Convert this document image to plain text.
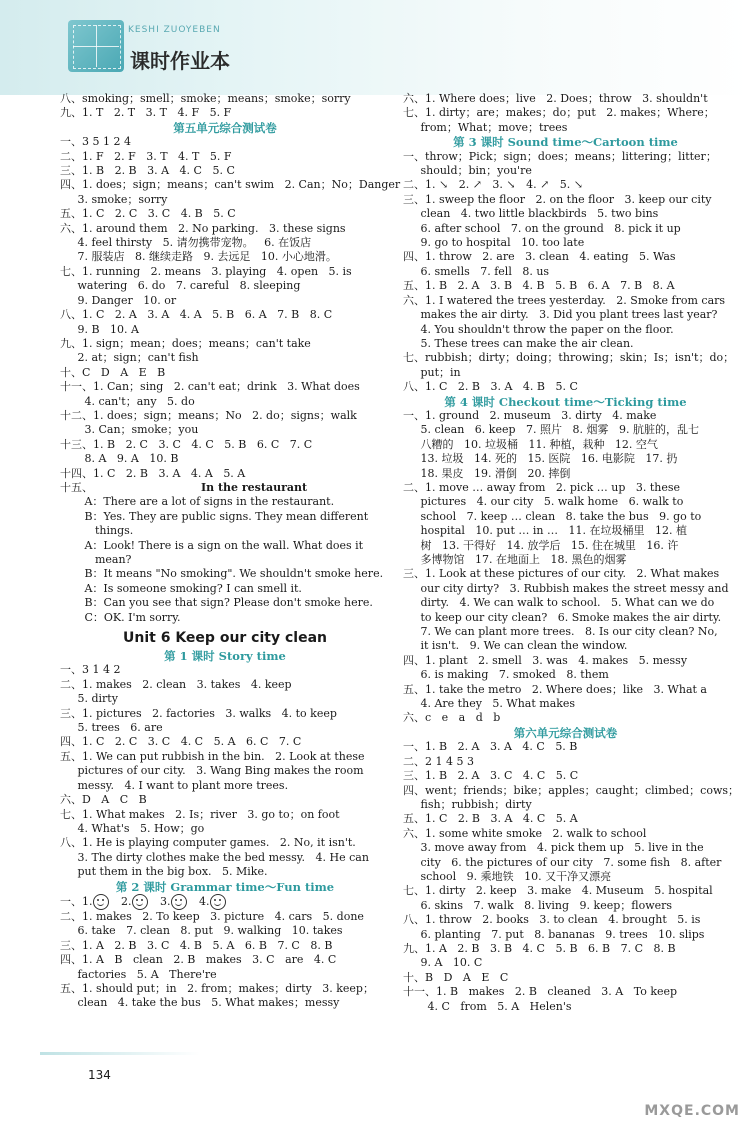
KESHI ZUOYEBEN
课时作业本
八、smoking；smell；smoke；means；smoke；sorry
九、1. T   2. T   3. T   4. F   5. F
第五单元综合测试卷
一、3 5 1 2 4
二、1. F   2. F   3. T   4. T   5. F
三、1. B   2. B   3. A   4. C   5. C
四、1. does；sign；means；can't swim   2. Can；No；Danger
3. smoke；sorry
五、1. C   2. C   3. C   4. B   5. C
六、1. around them   2. No parking.   3. these signs
4. feel thirsty   5. 请勿携带宠物。   6. 在饭店
7. 服装店   8. 继续走路   9. 去远足   10. 小心地滑。
七、1. running   2. means   3. playing   4. open   5. is
watering   6. do   7. careful   8. sleeping
9. Danger   10. or
八、1. C   2. A   3. A   4. A   5. B   6. A   7. B   8. C
9. B   10. A
九、1. sign；mean；does；means；can't take
2. at；sign；can't fish
十、C   D   A   E   B
十一、1. Can；sing   2. can't eat；drink   3. What does
4. can't；any   5. do
十二、1. does；sign；means；No   2. do；signs；walk
3. Can；smoke；you
十三、1. B   2. C   3. C   4. C   5. B   6. C   7. C
8. A   9. A   10. B
十四、1. C   2. B   3. A   4. A   5. A
十五、	In the restaurant
A：There are a lot of signs in the restaurant.
B：Yes. They are public signs. They mean different
things.
A：Look! There is a sign on the wall. What does it
mean?
B：It means "No smoking". We shouldn't smoke here.
A：Is someone smoking? I can smell it.
B：Can you see that sign? Please don't smoke here.
C：OK. I'm sorry.
Unit 6 Keep our city clean
第 1 课时 Story time
一、3 1 4 2
二、1. makes   2. clean   3. takes   4. keep
5. dirty
三、1. pictures   2. factories   3. walks   4. to keep
5. trees   6. are
四、1. C   2. C   3. C   4. C   5. A   6. C   7. C
五、1. We can put rubbish in the bin.   2. Look at these
pictures of our city.   3. Wang Bing makes the room
messy.   4. I want to plant more trees.
六、D   A   C   B
七、1. What makes   2. Is；river   3. go to；on foot
4. What's   5. How；go
八、1. He is playing computer games.   2. No, it isn't.
3. The dirty clothes make the bed messy.   4. He can
put them in the big box.   5. Mike.
第 2 课时 Grammar time～Fun time
一、1.	2.	3.	4.
二、1. makes   2. To keep   3. picture   4. cars   5. done
6. take   7. clean   8. put   9. walking   10. takes
三、1. A   2. B   3. C   4. B   5. A   6. B   7. C   8. B
四、1. A   B   clean   2. B   makes   3. C   are   4. C
factories   5. A   There're
五、1. should put；in   2. from；makes；dirty   3. keep；
clean   4. take the bus   5. What makes；messy
六、1. Where does；live   2. Does；throw   3. shouldn't
七、1. dirty；are；makes；do；put   2. makes；Where；
from；What；move；trees
第 3 课时 Sound time～Cartoon time
一、throw；Pick；sign；does；means；littering；litter；
should；bin；you're
二、1. ↘   2. ↗   3. ↘   4. ↗   5. ↘
三、1. sweep the floor   2. on the floor   3. keep our city
clean   4. two little blackbirds   5. two bins
6. after school   7. on the ground   8. pick it up
9. go to hospital   10. too late
四、1. throw   2. are   3. clean   4. eating   5. Was
6. smells   7. fell   8. us
五、1. B   2. A   3. B   4. B   5. B   6. A   7. B   8. A
六、1. I watered the trees yesterday.   2. Smoke from cars
makes the air dirty.   3. Did you plant trees last year?
4. You shouldn't throw the paper on the floor.
5. These trees can make the air clean.
七、rubbish；dirty；doing；throwing；skin；Is；isn't；do；
put；in
八、1. C   2. B   3. A   4. B   5. C
第 4 课时 Checkout time～Ticking time
一、1. ground   2. museum   3. dirty   4. make
5. clean   6. keep   7. 照片   8. 烟雾   9. 肮脏的，乱七
八糟的   10. 垃圾桶   11. 种植，栽种   12. 空气
13. 垃圾   14. 死的   15. 医院   16. 电影院   17. 扔
18. 果皮   19. 滑倒   20. 摔倒
二、1. move … away from   2. pick … up   3. these
pictures   4. our city   5. walk home   6. walk to
school   7. keep … clean   8. take the bus   9. go to
hospital   10. put … in …   11. 在垃圾桶里   12. 植
树   13. 干得好   14. 放学后   15. 住在城里   16. 许
多博物馆   17. 在地面上   18. 黑色的烟雾
三、1. Look at these pictures of our city.   2. What makes
our city dirty?   3. Rubbish makes the street messy and
dirty.   4. We can walk to school.   5. What can we do
to keep our city clean?   6. Smoke makes the air dirty.
7. We can plant more trees.   8. Is our city clean? No,
it isn't.   9. We can clean the window.
四、1. plant   2. smell   3. was   4. makes   5. messy
6. is making   7. smoked   8. them
五、1. take the metro   2. Where does；like   3. What a
4. Are they   5. What makes
六、c   e   a   d   b
第六单元综合测试卷
一、1. B   2. A   3. A   4. C   5. B
二、2 1 4 5 3
三、1. B   2. A   3. C   4. C   5. C
四、went；friends；bike；apples；caught；climbed；cows；
fish；rubbish；dirty
五、1. C   2. B   3. A   4. C   5. A
六、1. some white smoke   2. walk to school
3. move away from   4. pick them up   5. live in the
city   6. the pictures of our city   7. some fish   8. after
school   9. 乘地铁   10. 又干净又漂亮
七、1. dirty   2. keep   3. make   4. Museum   5. hospital
6. skins   7. walk   8. living   9. keep；flowers
八、1. throw   2. books   3. to clean   4. brought   5. is
6. planting   7. put   8. bananas   9. trees   10. slips
九、1. A   2. B   3. B   4. C   5. B   6. B   7. C   8. B
9. A   10. C
十、B   D   A   E   C
十一、1. B   makes   2. B   cleaned   3. A   To keep
4. C   from   5. A   Helen's
134
MXQE.COM
